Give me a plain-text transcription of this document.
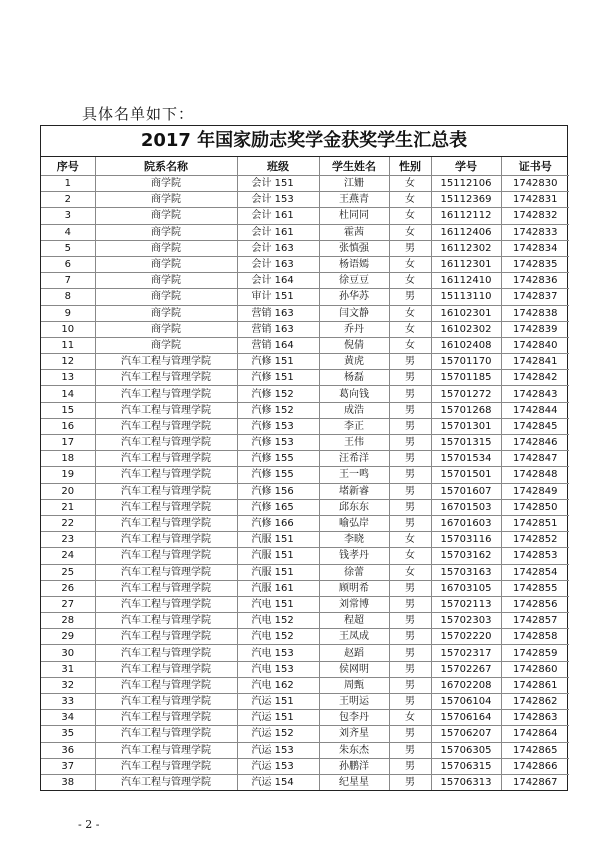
具体名单如下：
2017 年国家励志奖学金获奖学生汇总表
序号	院系名称	班级	学生姓名	性别	学号	证书号
1	商学院	会计 151	江姗	女	15112106	1742830
2	商学院	会计 153	王燕青	女	15112369	1742831
3	商学院	会计 161	杜同同	女	16112112	1742832
4	商学院	会计 161	霍茜	女	16112406	1742833
5	商学院	会计 163	张慎强	男	16112302	1742834
6	商学院	会计 163	杨语嫣	女	16112301	1742835
7	商学院	会计 164	徐豆豆	女	16112410	1742836
8	商学院	审计 151	孙华苏	男	15113110	1742837
9	商学院	营销 163	闫文静	女	16102301	1742838
10	商学院	营销 163	乔丹	女	16102302	1742839
11	商学院	营销 164	倪倩	女	16102408	1742840
12	汽车工程与管理学院	汽修 151	黄虎	男	15701170	1742841
13	汽车工程与管理学院	汽修 151	杨磊	男	15701185	1742842
14	汽车工程与管理学院	汽修 152	葛向钱	男	15701272	1742843
15	汽车工程与管理学院	汽修 152	成浩	男	15701268	1742844
16	汽车工程与管理学院	汽修 153	李正	男	15701301	1742845
17	汽车工程与管理学院	汽修 153	王伟	男	15701315	1742846
18	汽车工程与管理学院	汽修 155	汪希洋	男	15701534	1742847
19	汽车工程与管理学院	汽修 155	王一鸣	男	15701501	1742848
20	汽车工程与管理学院	汽修 156	堵新睿	男	15701607	1742849
21	汽车工程与管理学院	汽修 165	邱东东	男	16701503	1742850
22	汽车工程与管理学院	汽修 166	喻弘岸	男	16701603	1742851
23	汽车工程与管理学院	汽服 151	李晓	女	15703116	1742852
24	汽车工程与管理学院	汽服 151	钱孝丹	女	15703162	1742853
25	汽车工程与管理学院	汽服 151	徐蕾	女	15703163	1742854
26	汽车工程与管理学院	汽服 161	顾明希	男	16703105	1742855
27	汽车工程与管理学院	汽电 151	刘常博	男	15702113	1742856
28	汽车工程与管理学院	汽电 152	程超	男	15702303	1742857
29	汽车工程与管理学院	汽电 152	王凤成	男	15702220	1742858
30	汽车工程与管理学院	汽电 153	赵蹈	男	15702317	1742859
31	汽车工程与管理学院	汽电 153	侯网明	男	15702267	1742860
32	汽车工程与管理学院	汽电 162	周甄	男	16702208	1742861
33	汽车工程与管理学院	汽运 151	王明运	男	15706104	1742862
34	汽车工程与管理学院	汽运 151	包李丹	女	15706164	1742863
35	汽车工程与管理学院	汽运 152	刘齐星	男	15706207	1742864
36	汽车工程与管理学院	汽运 153	朱东杰	男	15706305	1742865
37	汽车工程与管理学院	汽运 153	孙鹏洋	男	15706315	1742866
38	汽车工程与管理学院	汽运 154	纪星星	男	15706313	1742867
- 2 -
